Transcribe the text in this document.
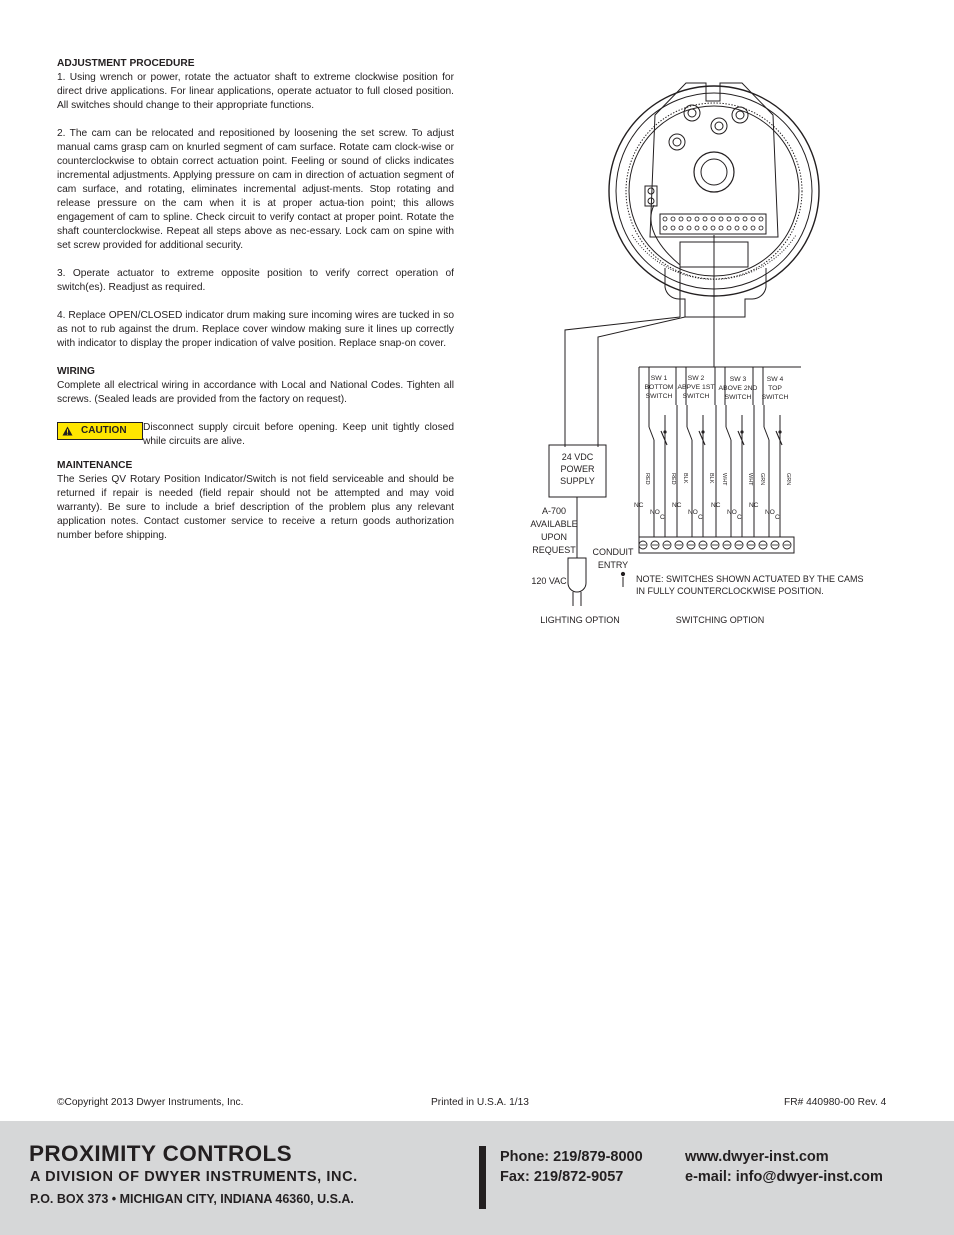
ADJUSTMENT PROCEDURE

1. Using wrench or power, rotate the actuator shaft to extreme clockwise position for direct drive applications. For linear applications, operate actuator to full closed position. All switches should change to their appropriate functions.

2. The cam can be relocated and repositioned by loosening the set screw. To adjust manual cams grasp cam on knurled segment of cam surface. Rotate cam clock-wise or counterclockwise to obtain correct actuation point. Feeling or sound of clicks indicates incremental adjustments. Applying pressure on cam in direction of actuation segment of cam surface, and rotating, eliminates incremental adjust-ments. Stop rotating and release pressure on the cam when it is at proper actua-tion point; this allows engagement of cam to spline. Check circuit to verify contact at proper point. Rotate the shaft counterclockwise. Repeat all steps above as nec-essary. Lock cam on spine with set screw provided for additional security.

3. Operate actuator to extreme opposite position to verify correct operation of switch(es). Readjust as required.

4. Replace OPEN/CLOSED indicator drum making sure incoming wires are tucked in so as not to rub against the drum. Replace cover window making sure it lines up correctly with indicator to display the proper indication of valve position. Replace snap-on cover.

WIRING

Complete all electrical wiring in accordance with Local and National Codes. Tighten all screws. (Sealed leads are provided from the factory on request).

CAUTION Disconnect supply circuit before opening. Keep unit tightly closed while circuits are alive.

MAINTENANCE

The Series QV Rotary Position Indicator/Switch is not field serviceable and should be returned if repair is needed (field repair should not be attempted and may void warranty). Be sure to include a brief description of the problem plus any relevant application notes. Contact customer service to receive a return goods authorization number before shipping.

NC
NO
C
RED	RED
NC
NO
C
BLK	BLK
NC
NO
C
WHT	WHT
NC
NO
C
GRN	GRN
24 VDC
POWER
SUPPLY
A-700
AVAILABLE
UPON
REQUEST
120 VAC
CONDUIT
ENTRY
SW 1
BOTTOM
SWITCH
SW 2
ABPVE 1ST
SWITCH
SW 3
ABOVE 2ND
SWITCH
SW 4
TOP
SWITCH
NOTE: SWITCHES SHOWN ACTUATED BY THE CAMS
IN FULLY COUNTERCLOCKWISE POSITION.
LIGHTING OPTION	SWITCHING OPTION
©Copyright 2013 Dwyer Instruments, Inc.	Printed in U.S.A. 1/13	FR# 440980-00 Rev. 4
PROXIMITY CONTROLS
A DIVISION OF DWYER INSTRUMENTS, INC.
P.O. BOX 373 • MICHIGAN CITY, INDIANA 46360, U.S.A.
Phone: 219/879-8000
Fax: 219/872-9057
www.dwyer-inst.com
e-mail: info@dwyer-inst.com
